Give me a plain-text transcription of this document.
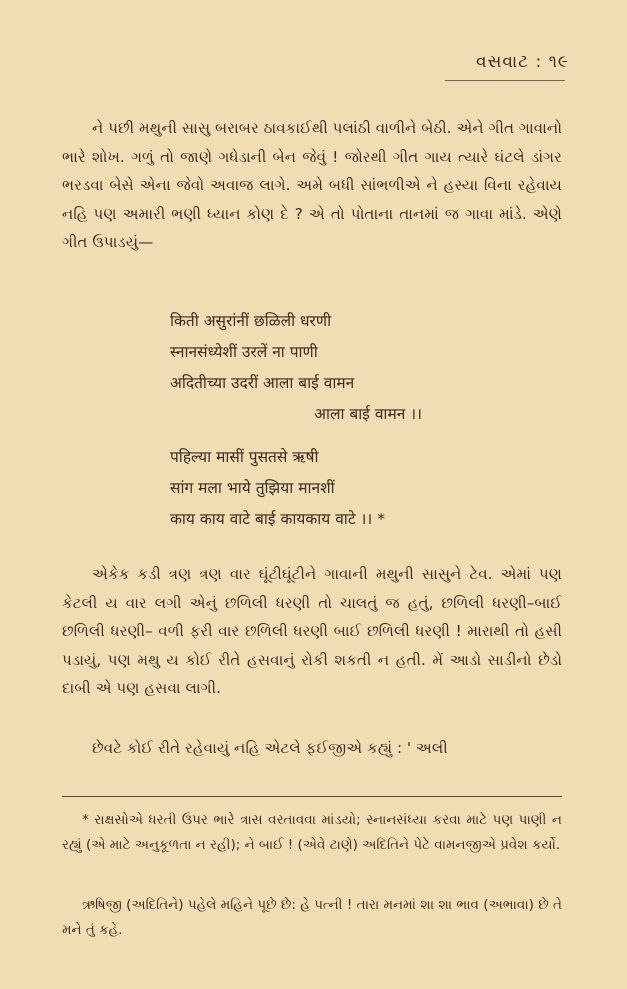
વસવાટ : ૧૯

ને પછી મથુની સાસુ બરાબર ઠાવકાઈથી પલાંઠી વાળીને બેઠી. એને ગીત ગાવાનો ભારે શોખ. ગળું તો જાણે ગધેડાની બેન જેવું ! જોરથી ગીત ગાય ત્યારે ઘંટલે ડાંગર ભરડવા બેસે એના જેવો અવાજ લાગે. અમે બધી સાંભળીએ ને હસ્યા વિના રહેવાય નહિ પણ અમારી ભણી ધ્યાન કોણ દે ? એ તો પોતાના તાનમાં જ ગાવા માંડે. એણે ગીત ઉપાડયું—

किती असुरांनीं छळिली धरणी
स्नानसंध्येशीं उरलें ना पाणी
अदितीच्या उदरीं आला बाई वामन
आला बाई वामन ।।
पहिल्या मासीं पुसतसे ऋषी
सांग मला भाये तुझिया मानशीं
काय काय वाटे बाई कायकाय वाटे ।। *

એકેક કડી ત્રણ ત્રણ વાર ઘૂંટીઘૂંટીને ગાવાની મથુની સાસુને ટેવ. એમાં પણ કેટલી ય વાર લગી એનું છળિલી ધરણી તો ચાલતું જ હતું, છળિલી ધરણી–બાઈ છળિલી ધરણી– વળી ફરી વાર છળિલી ધરણી બાઈ છળિલી ધરણી ! મારાથી તો હસી પડાયું, પણ મથુ ય કોઈ રીતે હસવાનું રોકી શકતી ન હતી. મેં આડો સાડીનો છેડો દાબી એ પણ હસવા લાગી.

છેવટે કોઈ રીતે રહેવાયું નહિ એટલે ફઈજીએ કહ્યું : ' અલી

* રાક્ષસોએ ધરતી ઉપર ભારે ત્રાસ વરતાવવા માંડયો; સ્નાનસંધ્યા કરવા માટે પણ પાણી ન રહ્યું (એ માટે અનુકૂળતા ન રહી); ને બાઈ ! (એવે ટાણે) અદિતિને પેટે વામનજીએ પ્રવેશ કર્યો.

ઋષિજી (અદિતિને) પહેલે મહિને પૂછે છે: હે પત્ની ! તારા મનમાં શા શા ભાવ (અભાવા) છે તે મને તું કહે.
